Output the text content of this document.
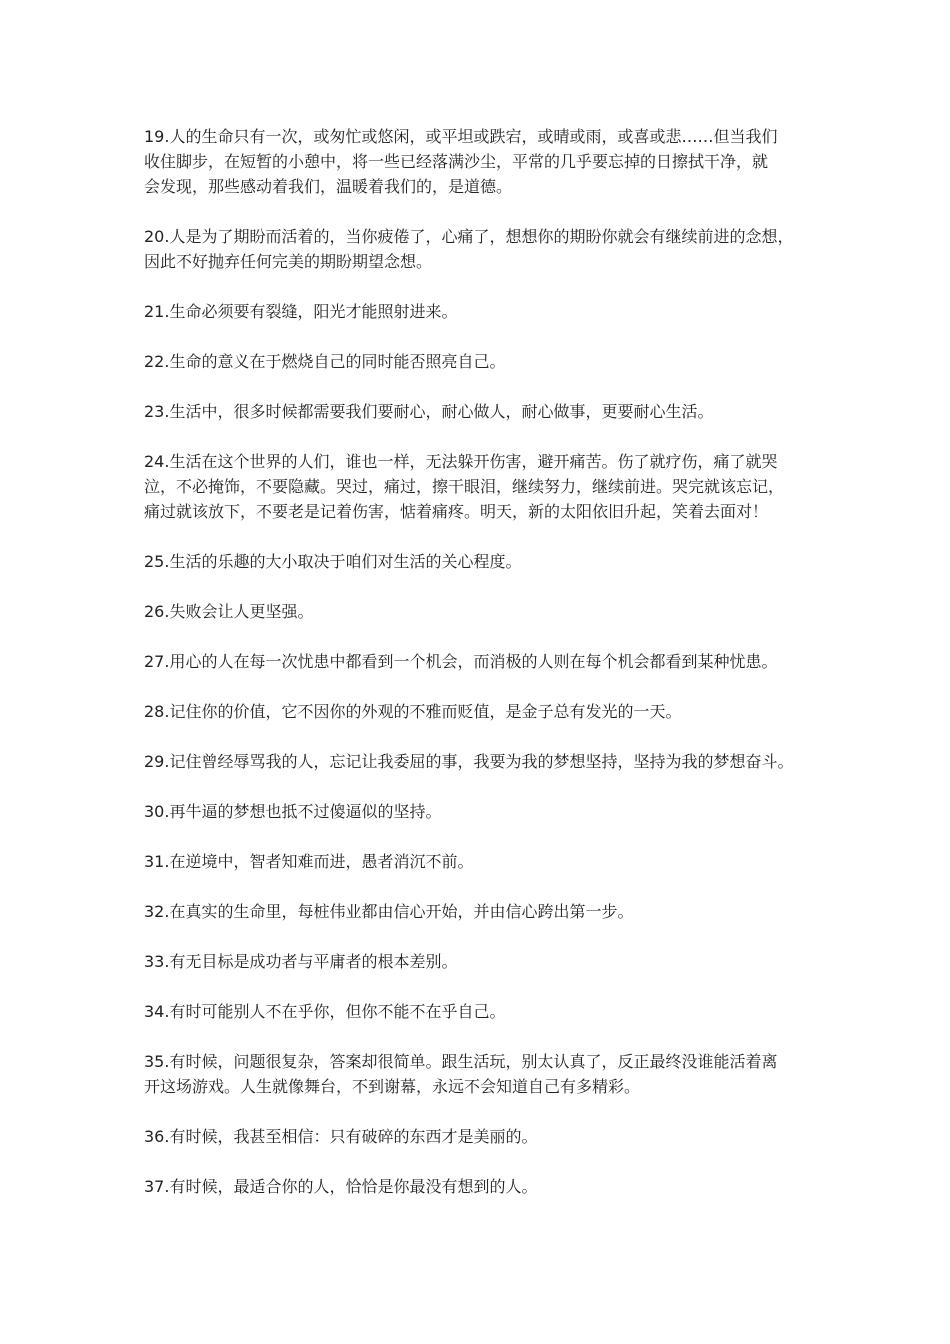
19.人的生命只有一次，或匆忙或悠闲，或平坦或跌宕，或晴或雨，或喜或悲……但当我们
收住脚步，在短暂的小憩中，将一些已经落满沙尘，平常的几乎要忘掉的日擦拭干净，就
会发现，那些感动着我们，温暖着我们的，是道德。

20.人是为了期盼而活着的，当你疲倦了，心痛了，想想你的期盼你就会有继续前进的念想，
因此不好抛弃任何完美的期盼期望念想。

21.生命必须要有裂缝，阳光才能照射进来。

22.生命的意义在于燃烧自己的同时能否照亮自己。

23.生活中，很多时候都需要我们要耐心，耐心做人，耐心做事，更要耐心生活。

24.生活在这个世界的人们，谁也一样，无法躲开伤害，避开痛苦。伤了就疗伤，痛了就哭
泣，不必掩饰，不要隐藏。哭过，痛过，擦干眼泪，继续努力，继续前进。哭完就该忘记，
痛过就该放下，不要老是记着伤害，惦着痛疼。明天，新的太阳依旧升起，笑着去面对！

25.生活的乐趣的大小取决于咱们对生活的关心程度。

26.失败会让人更坚强。

27.用心的人在每一次忧患中都看到一个机会，而消极的人则在每个机会都看到某种忧患。

28.记住你的价值，它不因你的外观的不雅而贬值，是金子总有发光的一天。

29.记住曾经辱骂我的人，忘记让我委屈的事，我要为我的梦想坚持，坚持为我的梦想奋斗。

30.再牛逼的梦想也抵不过傻逼似的坚持。

31.在逆境中，智者知难而进，愚者消沉不前。

32.在真实的生命里，每桩伟业都由信心开始，并由信心跨出第一步。

33.有无目标是成功者与平庸者的根本差别。

34.有时可能别人不在乎你，但你不能不在乎自己。

35.有时候，问题很复杂，答案却很简单。跟生活玩，别太认真了，反正最终没谁能活着离
开这场游戏。人生就像舞台，不到谢幕，永远不会知道自己有多精彩。

36.有时候，我甚至相信：只有破碎的东西才是美丽的。

37.有时候，最适合你的人，恰恰是你最没有想到的人。
